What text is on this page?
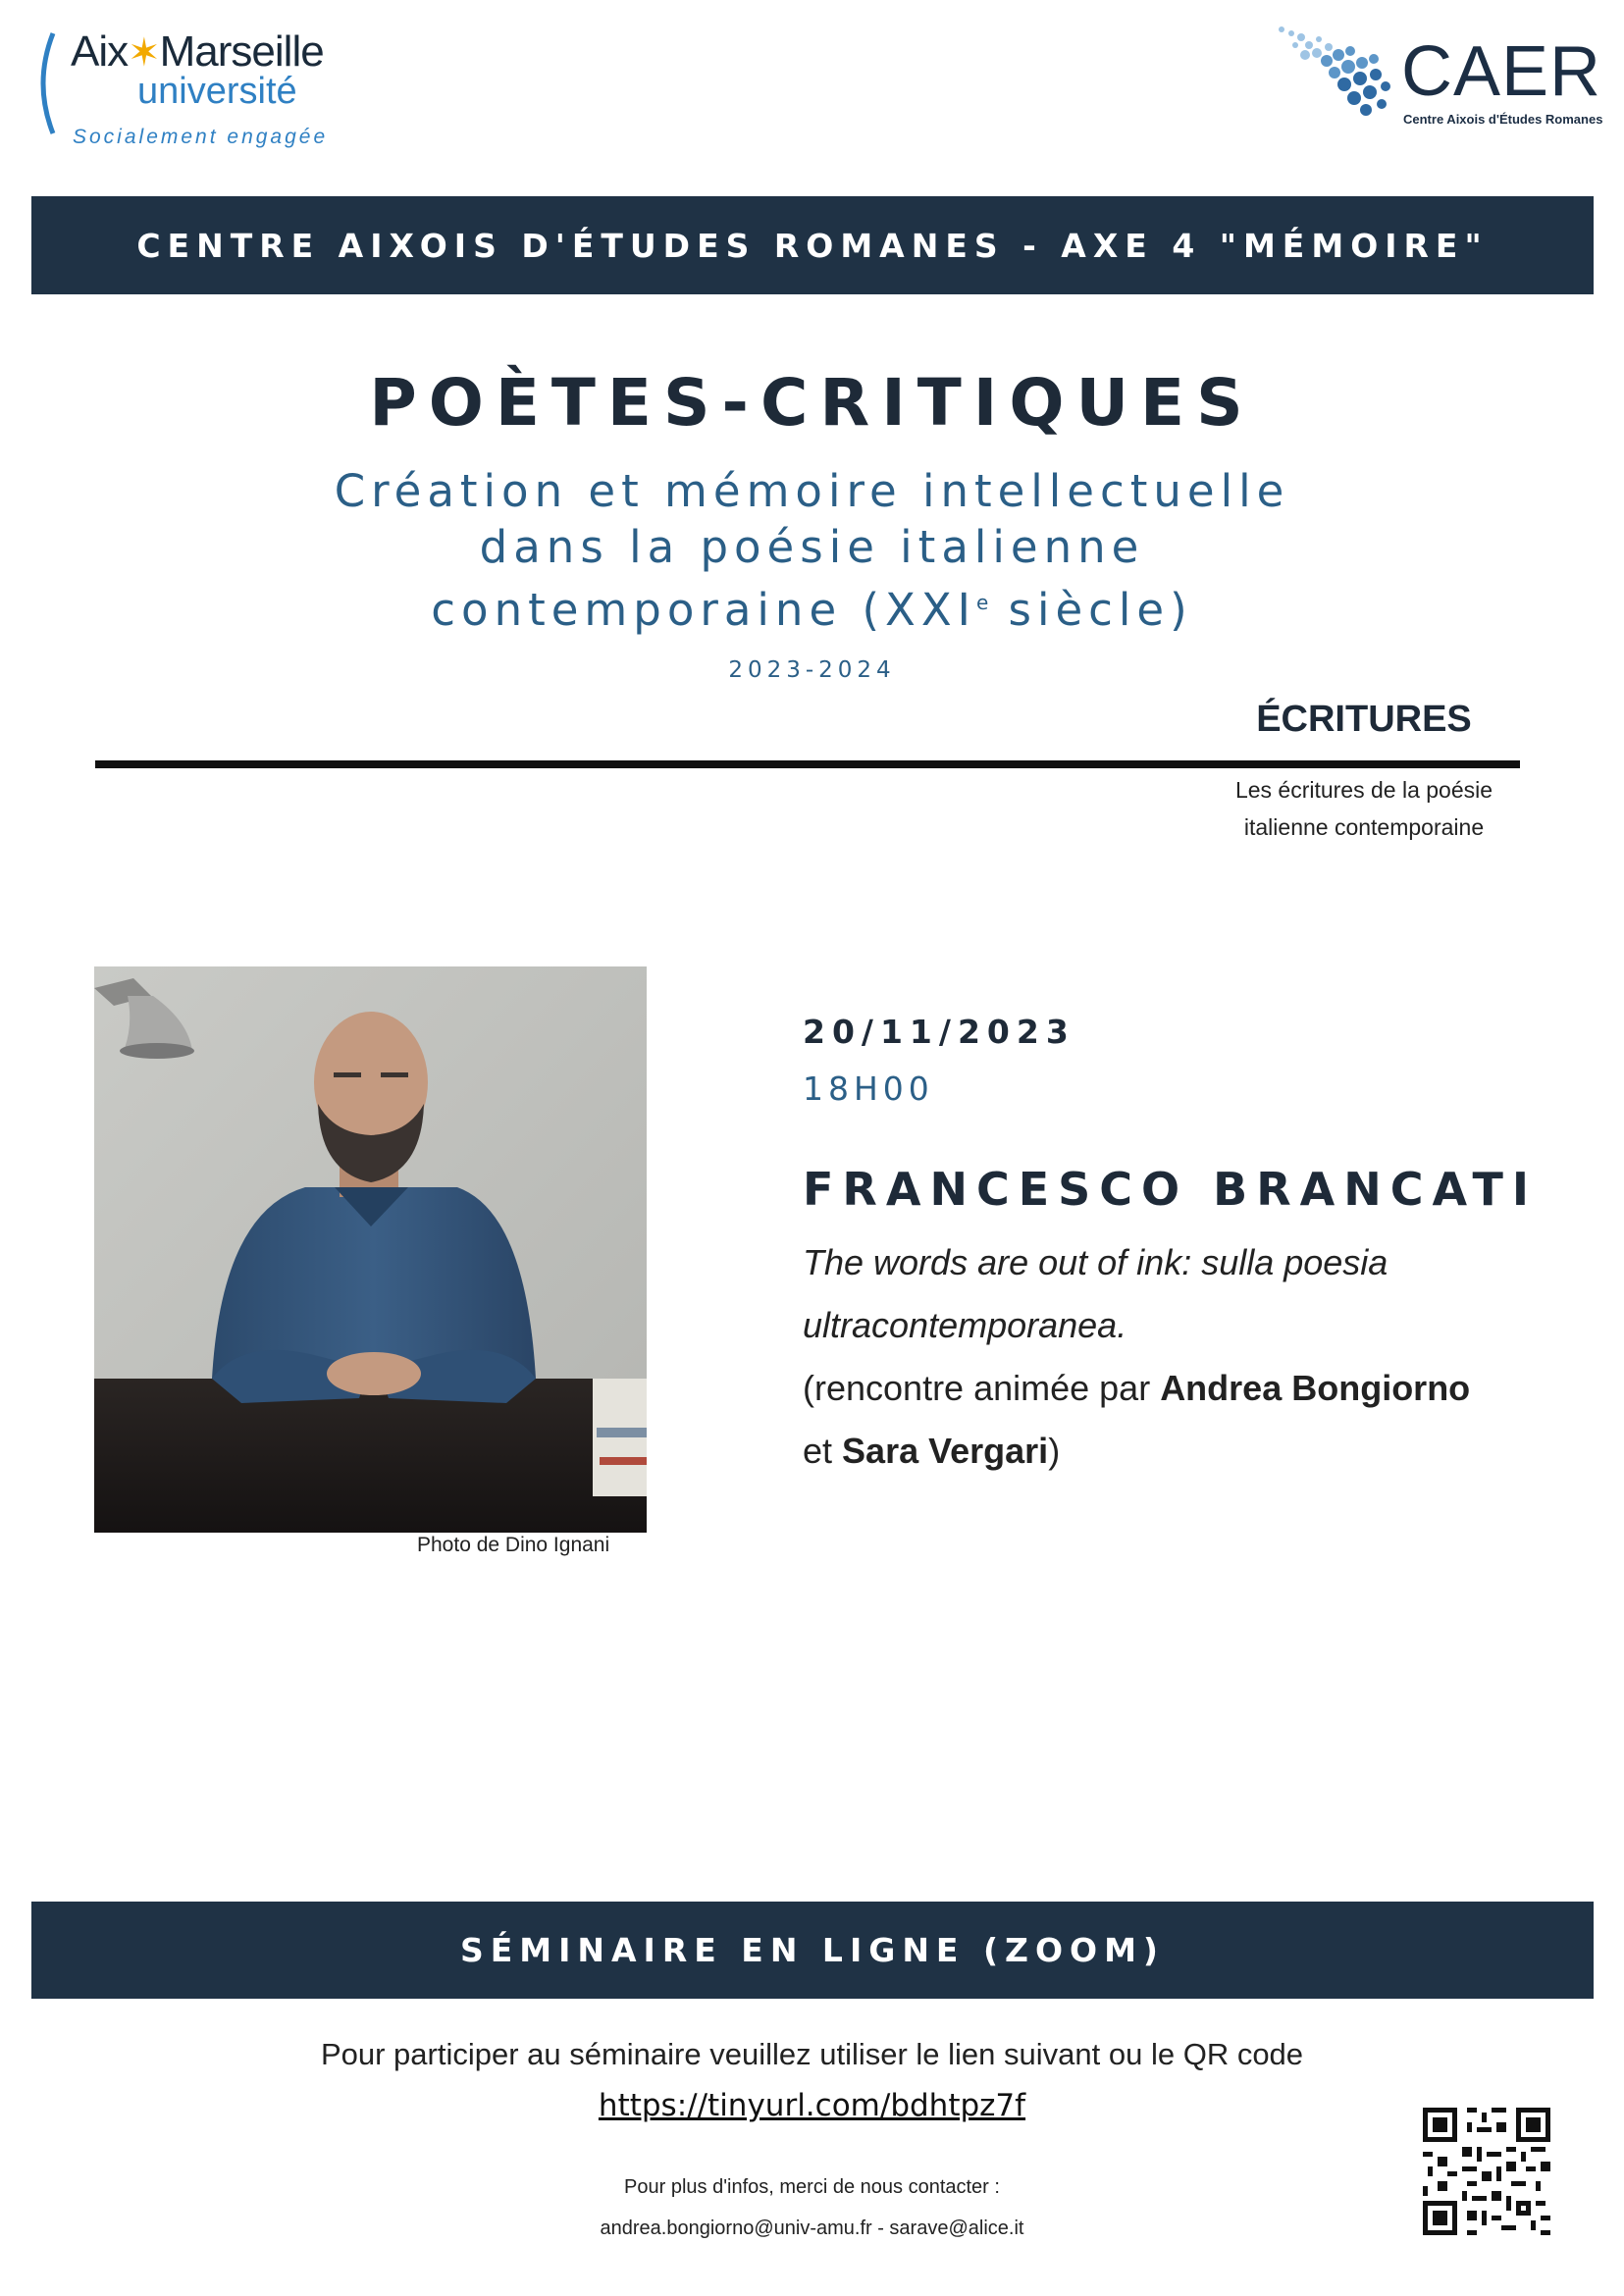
Aix✶Marseille
université
Socialement engagée
CAER
Centre Aixois d'Études Romanes
CENTRE AIXOIS D'ÉTUDES ROMANES - AXE 4 "MÉMOIRE"
POÈTES-CRITIQUES
Création et mémoire intellectuelle
dans la poésie italienne
contemporaine (XXIe siècle)
2023-2024
ÉCRITURES
Les écritures de la poésie
italienne contemporaine
Photo de Dino Ignani
20/11/2023
18H00
FRANCESCO BRANCATI
The words are out of ink: sulla poesia
ultracontemporanea.
(rencontre animée par Andrea Bongiorno
et Sara Vergari)
SÉMINAIRE EN LIGNE (ZOOM)
Pour participer au séminaire veuillez utiliser le lien suivant ou le QR code
https://tinyurl.com/bdhtpz7f
Pour plus d'infos, merci de nous contacter :
andrea.bongiorno@univ-amu.fr - sarave@alice.it
